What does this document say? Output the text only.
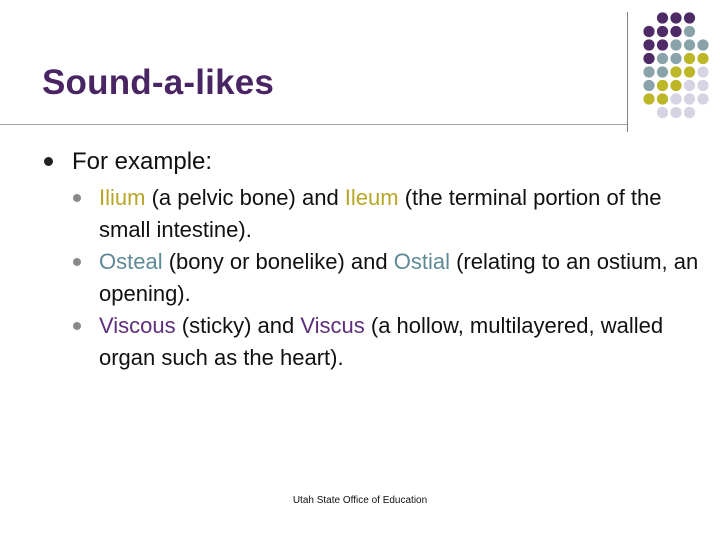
Sound-a-likes
For example:
Ilium (a pelvic bone) and Ileum (the terminal portion of the small intestine).
Osteal (bony or bonelike) and Ostial (relating to an ostium, an opening).
Viscous (sticky) and Viscus (a hollow, multilayered, walled organ such as the heart).
Utah State Office of Education
